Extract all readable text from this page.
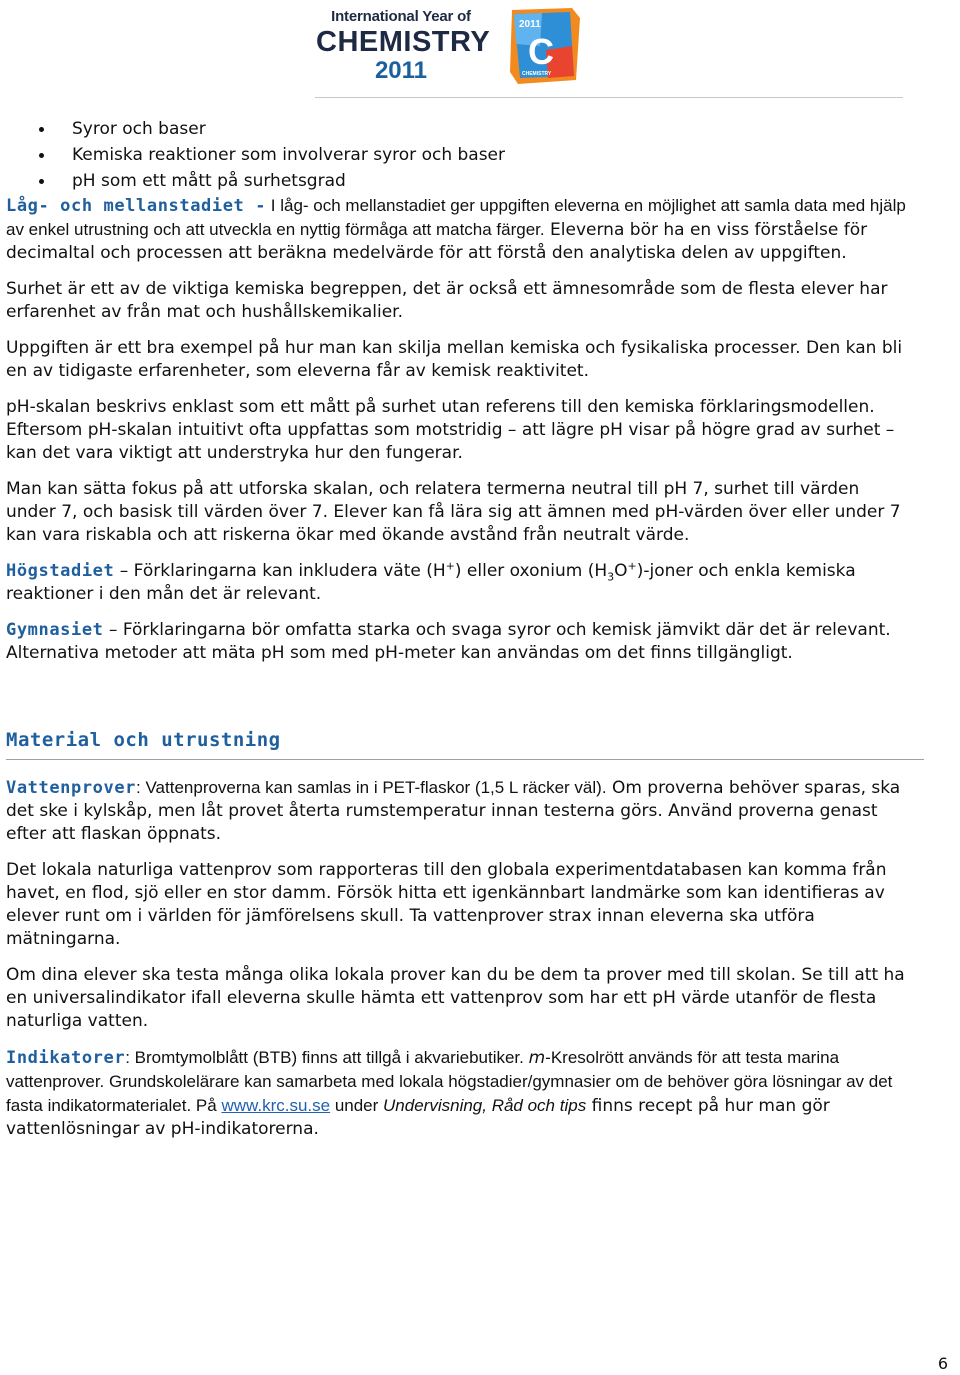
International Year of
CHEMISTRY
2011
2011
C
CHEMISTRY
Syror och baser
Kemiska reaktioner som involverar syror och baser
pH som ett mått på surhetsgrad

Låg- och mellanstadiet - I låg- och mellanstadiet ger uppgiften eleverna en möjlighet att samla data med hjälp av enkel utrustning och att utveckla en nyttig förmåga att matcha färger. Eleverna bör ha en viss förståelse för decimaltal och processen att beräkna medelvärde för att förstå den analytiska delen av uppgiften.

Surhet är ett av de viktiga kemiska begreppen, det är också ett ämnesområde som de flesta elever har erfarenhet av från mat och hushållskemikalier.

Uppgiften är ett bra exempel på hur man kan skilja mellan kemiska och fysikaliska processer. Den kan bli en av tidigaste erfarenheter, som eleverna får av kemisk reaktivitet.

pH-skalan beskrivs enklast som ett mått på surhet utan referens till den kemiska förklaringsmodellen. Eftersom pH-skalan intuitivt ofta uppfattas som motstridig – att lägre pH visar på högre grad av surhet – kan det vara viktigt att understryka hur den fungerar.

Man kan sätta fokus på att utforska skalan, och relatera termerna neutral till pH 7, surhet till värden under 7, och basisk till värden över 7. Elever kan få lära sig att ämnen med pH-värden över eller under 7 kan vara riskabla och att riskerna ökar med ökande avstånd från neutralt värde.

Högstadiet – Förklaringarna kan inkludera väte (H+) eller oxonium $(H_3O^+)$-joner och enkla kemiska reaktioner i den mån det är relevant.

Gymnasiet – Förklaringarna bör omfatta starka och svaga syror och kemisk jämvikt där det är relevant. Alternativa metoder att mäta pH som med pH-meter kan användas om det finns tillgängligt.

Material och utrustning

Vattenprover: Vattenproverna kan samlas in i PET-flaskor (1,5 L räcker väl). Om proverna behöver sparas, ska det ske i kylskåp, men låt provet återta rumstemperatur innan testerna görs. Använd proverna genast efter att flaskan öppnats.

Det lokala naturliga vattenprov som rapporteras till den globala experimentdatabasen kan komma från havet, en flod, sjö eller en stor damm. Försök hitta ett igenkännbart landmärke som kan identifieras av elever runt om i världen för jämförelsens skull. Ta vattenprover strax innan eleverna ska utföra mätningarna.

Om dina elever ska testa många olika lokala prover kan du be dem ta prover med till skolan. Se till att ha en universalindikator ifall eleverna skulle hämta ett vattenprov som har ett pH värde utanför de flesta naturliga vatten.

Indikatorer: Bromtymolblått (BTB) finns att tillgå i akvariebutiker. m-Kresolrött används för att testa marina vattenprover. Grundskolelärare kan samarbeta med lokala högstadier/gymnasier om de behöver göra lösningar av det fasta indikatormaterialet. På www.krc.su.se under Undervisning, Råd och tips finns recept på hur man gör vattenlösningar av pH-indikatorerna.

6
